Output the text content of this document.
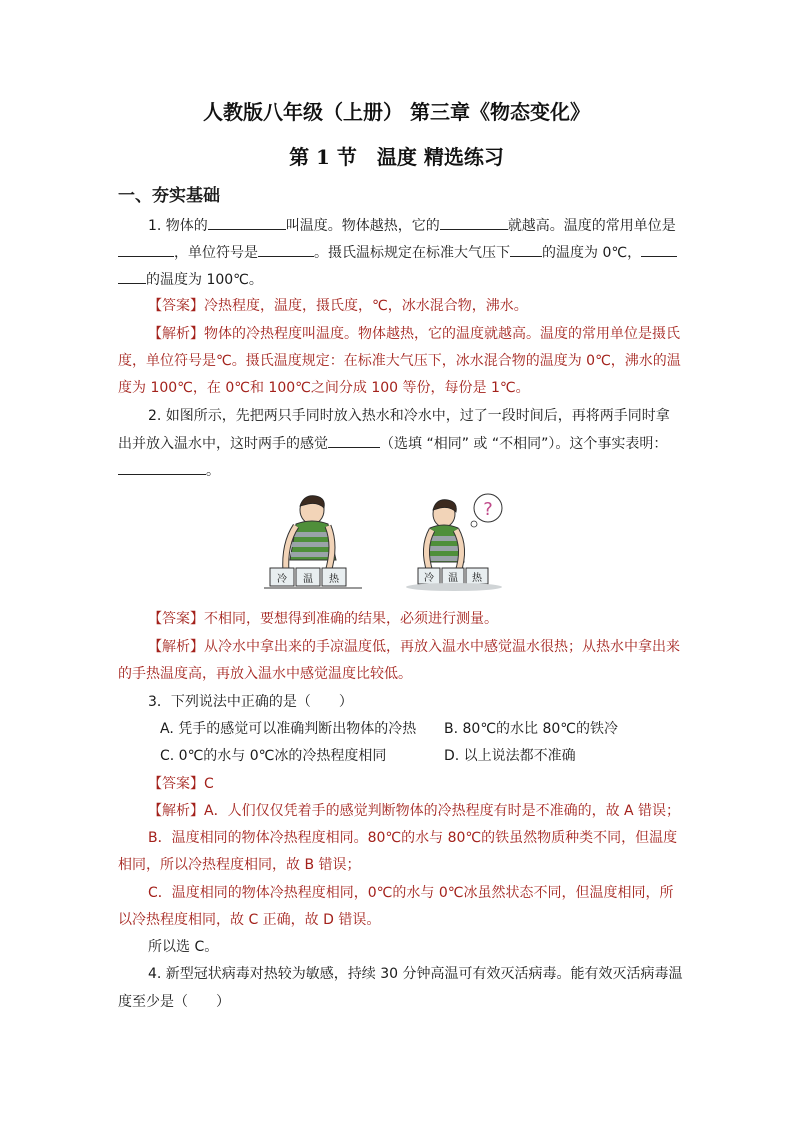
人教版八年级（上册） 第三章《物态变化》
第 1 节　温度 精选练习
一、夯实基础
1. 物体的	叫温度。物体越热，它的	就越高。温度的常用单位是
，单位符号是	。摄氏温标规定在标准大气压下 的温度为 0℃，
的温度为 100℃。
【答案】冷热程度，温度，摄氏度，℃，冰水混合物，沸水。
【解析】物体的冷热程度叫温度。物体越热，它的温度就越高。温度的常用单位是摄氏
度，单位符号是℃。摄氏温度规定：在标准大气压下，冰水混合物的温度为 0℃，沸水的温
度为 100℃，在 0℃和 100℃之间分成 100 等份，每份是 1℃。
2. 如图所示，先把两只手同时放入热水和冷水中，过了一段时间后，再将两手同时拿
出并放入温水中，这时两手的感觉	（选填 “相同” 或 “不相同”）。这个事实表明：
。
冷 温 热
?
冷 温 热
【答案】不相同，要想得到准确的结果，必须进行测量。
【解析】从冷水中拿出来的手凉温度低，再放入温水中感觉温水很热；从热水中拿出来
的手热温度高，再放入温水中感觉温度比较低。
3．下列说法中正确的是（　　）
A. 凭手的感觉可以准确判断出物体的冷热 B. 80℃的水比 80℃的铁冷
C. 0℃的水与 0℃冰的冷热程度相同	D. 以上说法都不准确
【答案】C
【解析】A．人们仅仅凭着手的感觉判断物体的冷热程度有时是不准确的，故 A 错误；
B．温度相同的物体冷热程度相同。80℃的水与 80℃的铁虽然物质种类不同，但温度
相同，所以冷热程度相同，故 B 错误；
C．温度相同的物体冷热程度相同，0℃的水与 0℃冰虽然状态不同，但温度相同，所
以冷热程度相同，故 C 正确，故 D 错误。
所以选 C。
4. 新型冠状病毒对热较为敏感，持续 30 分钟高温可有效灭活病毒。能有效灭活病毒温
度至少是（　　）
